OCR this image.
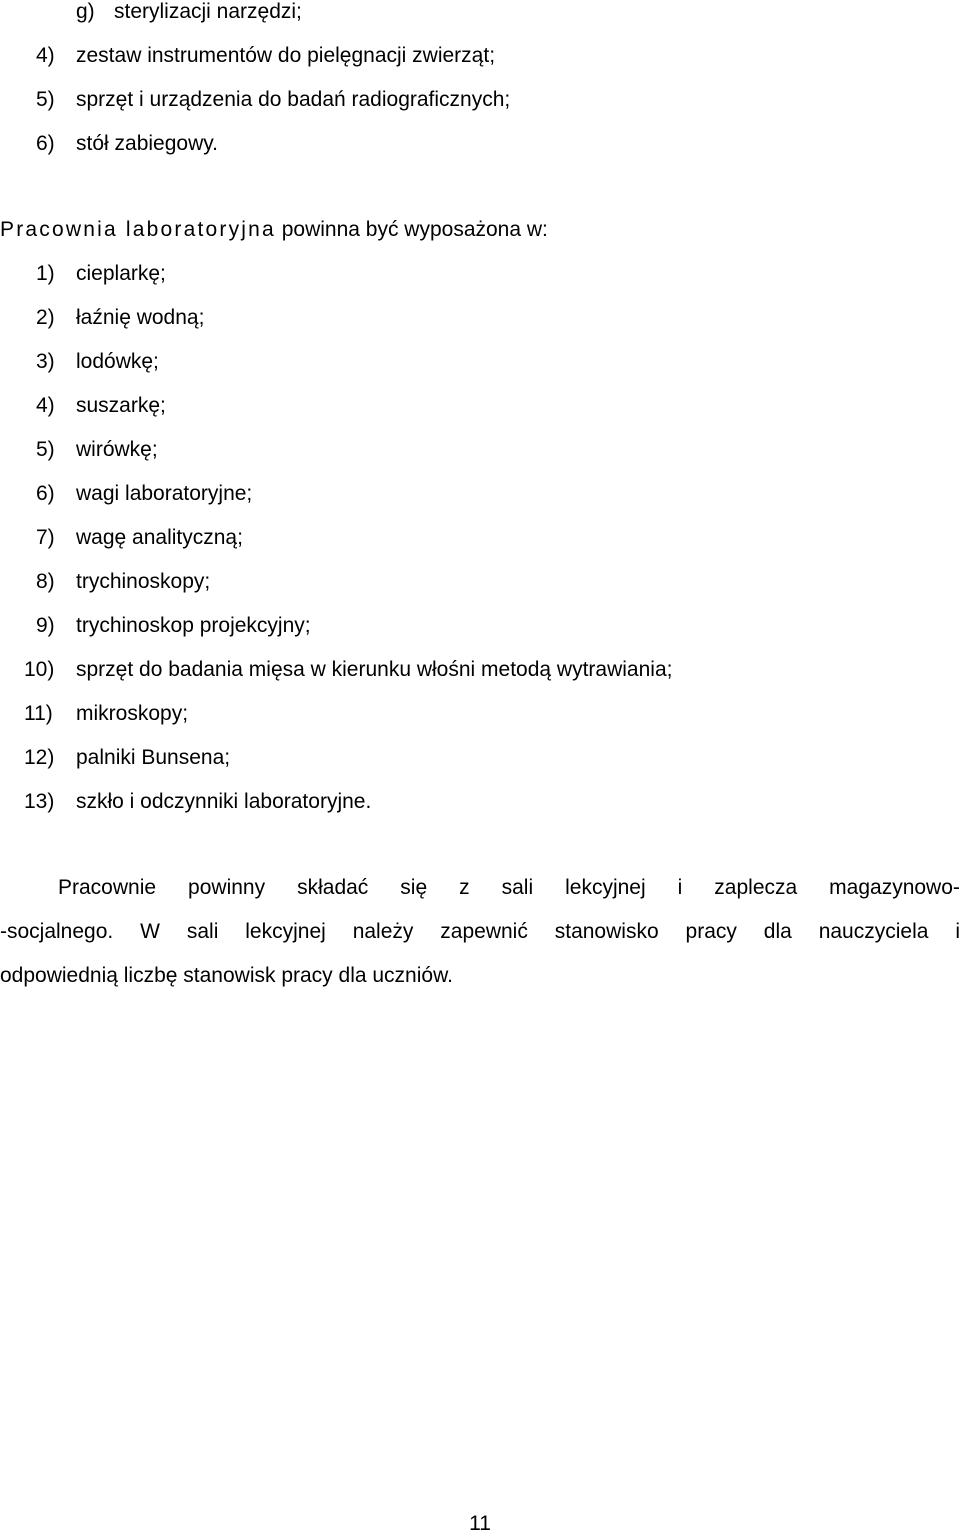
g) sterylizacji narzędzi;
4) zestaw instrumentów do pielęgnacji zwierząt;
5) sprzęt i urządzenia do badań radiograficznych;
6) stół zabiegowy.
Pracownia laboratoryjna powinna być wyposażona w:
1) cieplarkę;
2) łaźnię wodną;
3) lodówkę;
4) suszarkę;
5) wirówkę;
6) wagi laboratoryjne;
7) wagę analityczną;
8) trychinoskopy;
9) trychinoskop projekcyjny;
10) sprzęt do badania mięsa w kierunku włośni metodą wytrawiania;
11) mikroskopy;
12) palniki Bunsena;
13) szkło i odczynniki laboratoryjne.
Pracownie powinny składać się z sali lekcyjnej i zaplecza magazynowo-
-socjalnego. W sali lekcyjnej należy zapewnić stanowisko pracy dla nauczyciela i
odpowiednią liczbę stanowisk pracy dla uczniów.
11
